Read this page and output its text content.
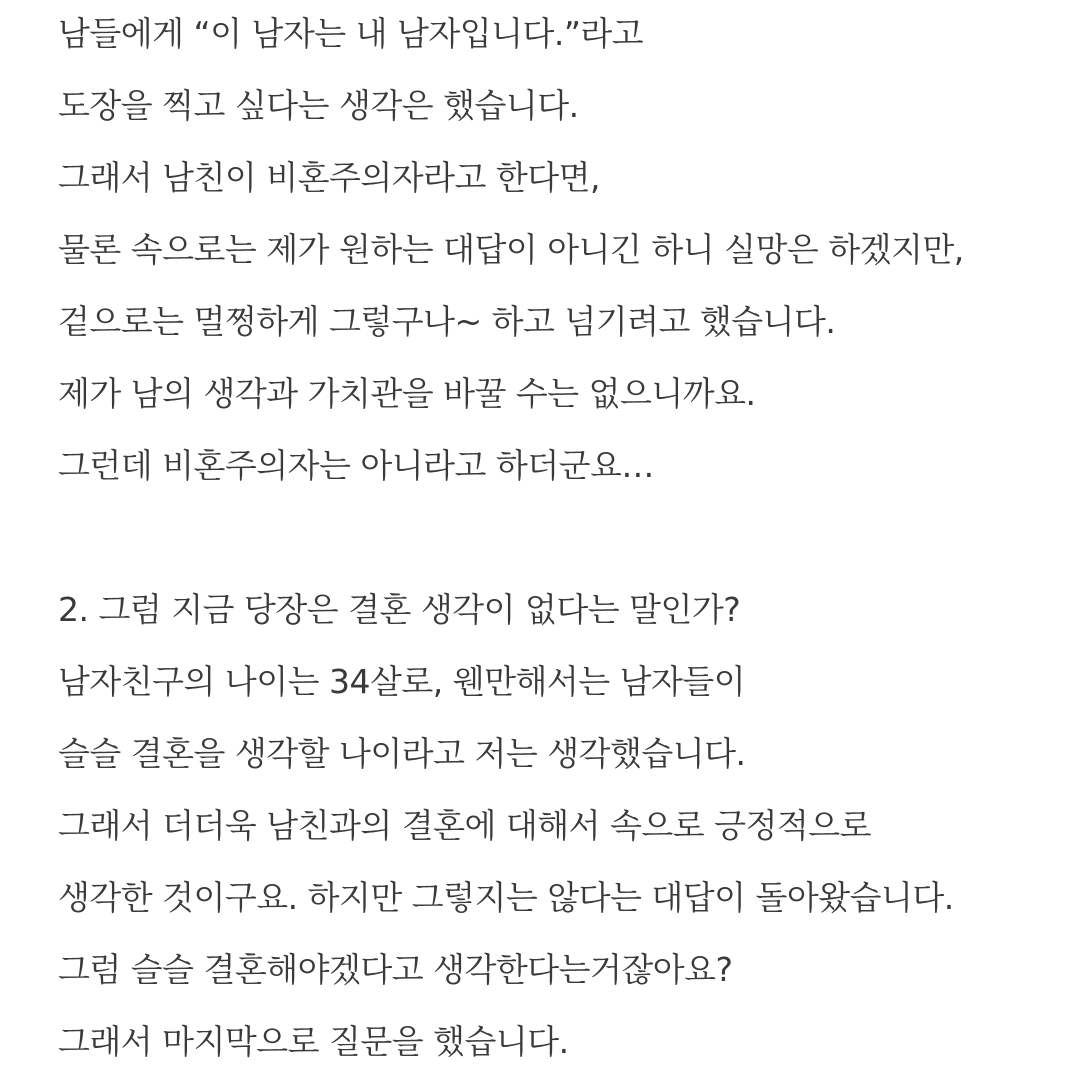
남들에게 “이 남자는 내 남자입니다.”라고
도장을 찍고 싶다는 생각은 했습니다.
그래서 남친이 비혼주의자라고 한다면,
물론 속으로는 제가 원하는 대답이 아니긴 하니 실망은 하겠지만,
겉으로는 멀쩡하게 그렇구나~ 하고 넘기려고 했습니다.
제가 남의 생각과 가치관을 바꿀 수는 없으니까요.
그런데 비혼주의자는 아니라고 하더군요…
2. 그럼 지금 당장은 결혼 생각이 없다는 말인가?
남자친구의 나이는 34살로, 웬만해서는 남자들이
슬슬 결혼을 생각할 나이라고 저는 생각했습니다.
그래서 더더욱 남친과의 결혼에 대해서 속으로 긍정적으로
생각한 것이구요. 하지만 그렇지는 않다는 대답이 돌아왔습니다.
그럼 슬슬 결혼해야겠다고 생각한다는거잖아요?
그래서 마지막으로 질문을 했습니다.
